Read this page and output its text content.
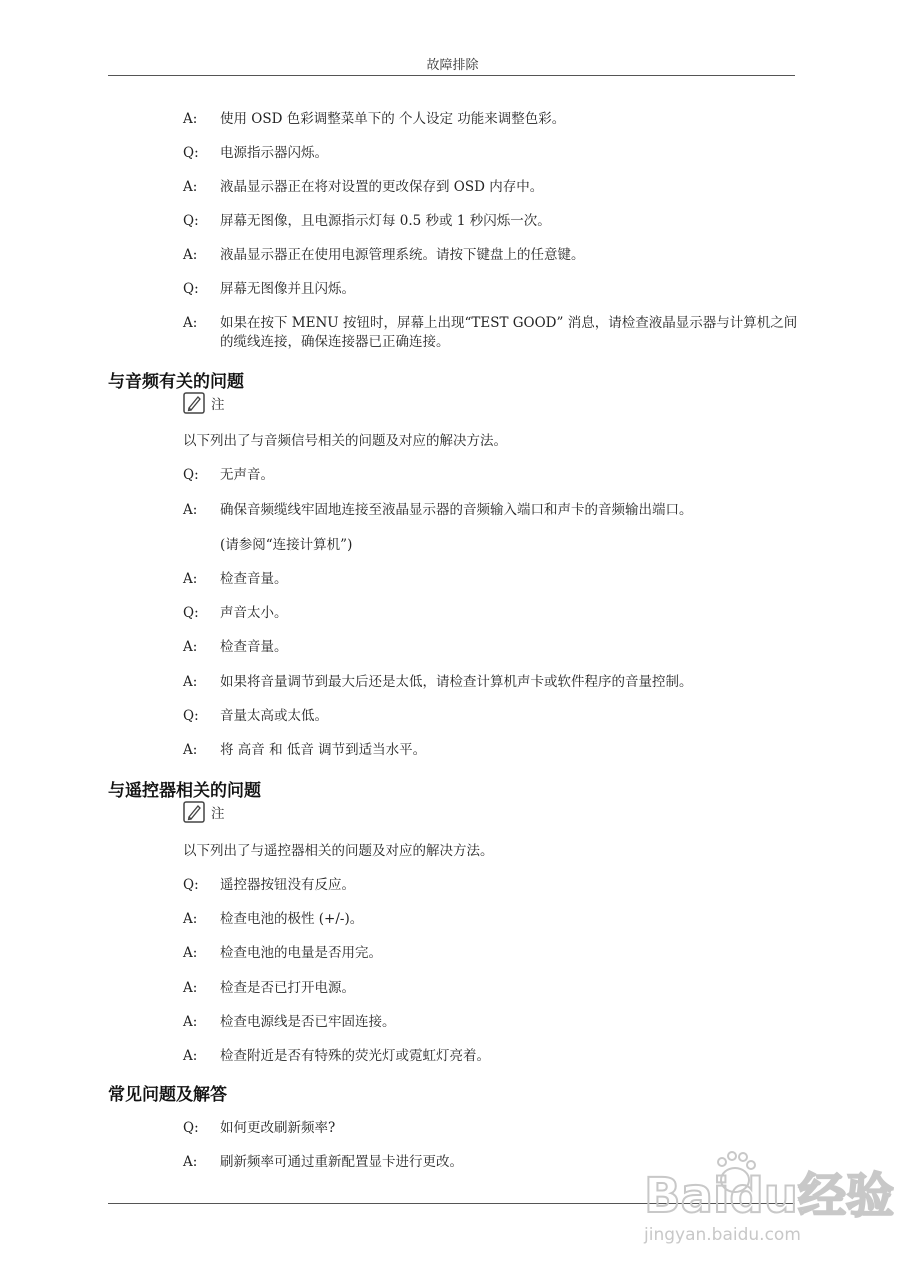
故障排除
A:	使用 OSD 色彩调整菜单下的 个人设定 功能来调整色彩。
Q:	电源指示器闪烁。
A:	液晶显示器正在将对设置的更改保存到 OSD 内存中。
Q:	屏幕无图像，且电源指示灯每 0.5 秒或 1 秒闪烁一次。
A:	液晶显示器正在使用电源管理系统。请按下键盘上的任意键。
Q:	屏幕无图像并且闪烁。
A:	如果在按下 MENU 按钮时，屏幕上出现“TEST GOOD” 消息，请检查液晶显示器与计算机之间的缆线连接，确保连接器已正确连接。
与音频有关的问题
注
以下列出了与音频信号相关的问题及对应的解决方法。
Q:	无声音。
A:	确保音频缆线牢固地连接至液晶显示器的音频输入端口和声卡的音频输出端口。
(请参阅“连接计算机”)
A:	检查音量。
Q:	声音太小。
A:	检查音量。
A:	如果将音量调节到最大后还是太低，请检查计算机声卡或软件程序的音量控制。
Q:	音量太高或太低。
A:	将 高音 和 低音 调节到适当水平。
与遥控器相关的问题
注
以下列出了与遥控器相关的问题及对应的解决方法。
Q:	遥控器按钮没有反应。
A:	检查电池的极性 (+/-)。
A:	检查电池的电量是否用完。
A:	检查是否已打开电源。
A:	检查电源线是否已牢固连接。
A:	检查附近是否有特殊的荧光灯或霓虹灯亮着。
常见问题及解答
Q:	如何更改刷新频率?
A:	刷新频率可通过重新配置显卡进行更改。
Baidu经验
jingyan.baidu.com
